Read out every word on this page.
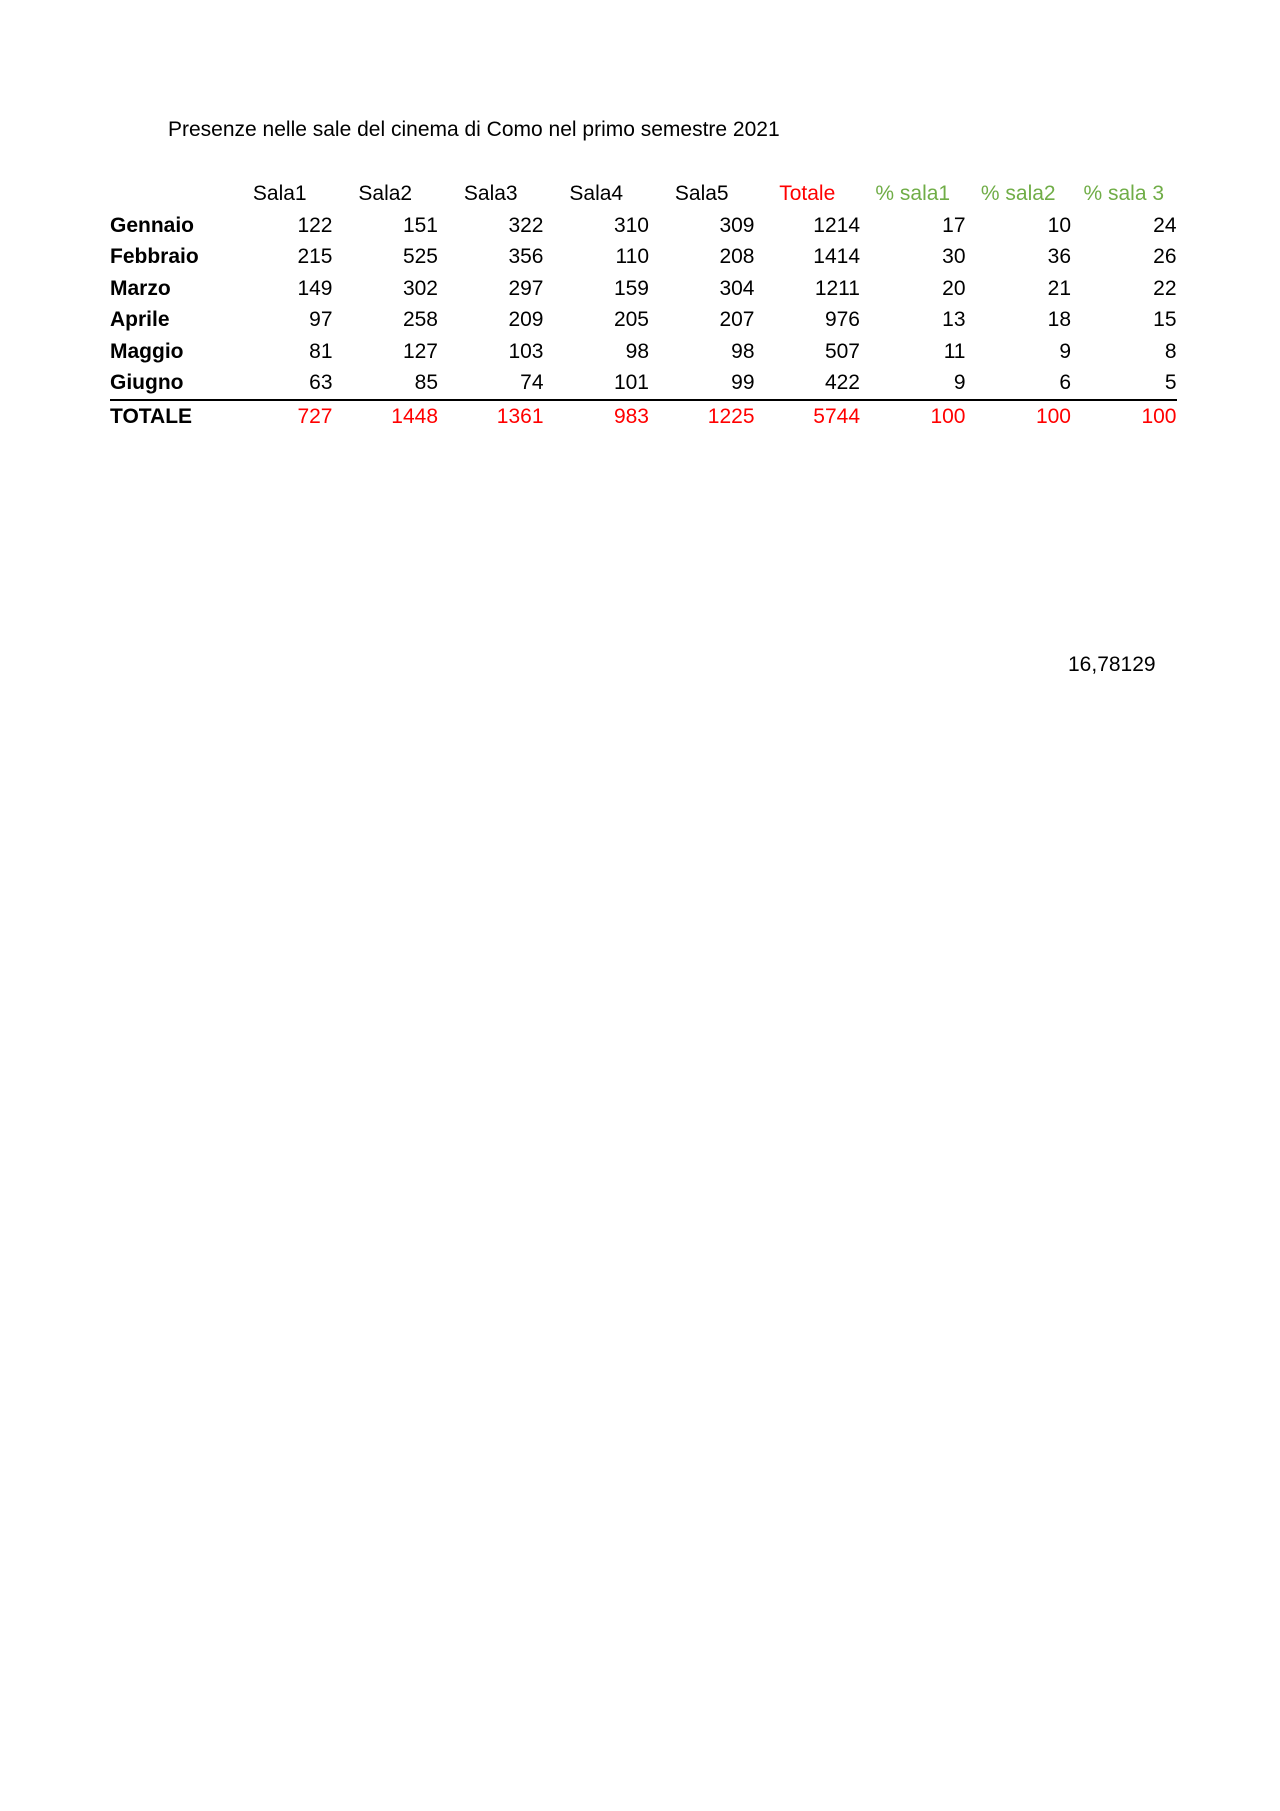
Presenze nelle sale del cinema di Como nel primo semestre 2021
	Sala1	Sala2	Sala3	Sala4	Sala5	Totale	% sala1	% sala2	% sala 3
Gennaio	122	151	322	310	309	1214	17	10	24
Febbraio	215	525	356	110	208	1414	30	36	26
Marzo	149	302	297	159	304	1211	20	21	22
Aprile	97	258	209	205	207	976	13	18	15
Maggio	81	127	103	98	98	507	11	9	8
Giugno	63	85	74	101	99	422	9	6	5
TOTALE	727	1448	1361	983	1225	5744	100	100	100
16,78129
